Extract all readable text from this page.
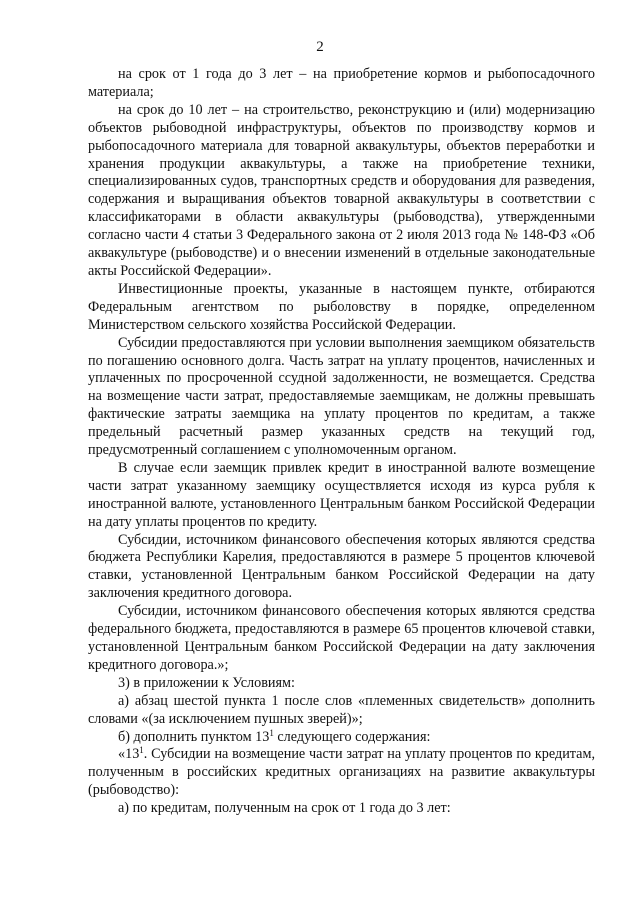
2

на срок от 1 года до 3 лет – на приобретение кормов и рыбопосадочного материала;

на срок до 10 лет – на строительство, реконструкцию и (или) модернизацию объектов рыбоводной инфраструктуры, объектов по производству кормов и рыбопосадочного материала для товарной аквакультуры, объектов переработки и хранения продукции аквакультуры, а также на приобретение техники, специализированных судов, транспортных средств и оборудования для разведения, содержания и выращивания объектов товарной аквакультуры в соответствии с классификаторами в области аквакультуры (рыбоводства), утвержденными согласно части 4 статьи 3 Федерального закона от 2 июля 2013 года № 148-ФЗ «Об аквакультуре (рыбоводстве) и о внесении изменений в отдельные законодательные акты Российской Федерации».

Инвестиционные проекты, указанные в настоящем пункте, отбираются Федеральным агентством по рыболовству в порядке, определенном Министерством сельского хозяйства Российской Федерации.

Субсидии предоставляются при условии выполнения заемщиком обязательств по погашению основного долга. Часть затрат на уплату процентов, начисленных и уплаченных по просроченной ссудной задолженности, не возмещается. Средства на возмещение части затрат, предоставляемые заемщикам, не должны превышать фактические затраты заемщика на уплату процентов по кредитам, а также предельный расчетный размер указанных средств на текущий год, предусмотренный соглашением с уполномоченным органом.

В случае если заемщик привлек кредит в иностранной валюте возмещение части затрат указанному заемщику осуществляется исходя из курса рубля к иностранной валюте, установленного Центральным банком Российской Федерации на дату уплаты процентов по кредиту.

Субсидии, источником финансового обеспечения которых являются средства бюджета Республики Карелия, предоставляются в размере 5 процентов ключевой ставки, установленной Центральным банком Российской Федерации на дату заключения кредитного договора.

Субсидии, источником финансового обеспечения которых являются средства федерального бюджета, предоставляются в размере 65 процентов ключевой ставки, установленной Центральным банком Российской Федерации на дату заключения кредитного договора.»;

3) в приложении к Условиям:

а) абзац шестой пункта 1 после слов «племенных свидетельств» дополнить словами «(за исключением пушных зверей)»;

б) дополнить пунктом $13^1$ следующего содержания:

«$13^1$. Субсидии на возмещение части затрат на уплату процентов по кредитам, полученным в российских кредитных организациях на развитие аквакультуры (рыбоводство):

а) по кредитам, полученным на срок от 1 года до 3 лет:
